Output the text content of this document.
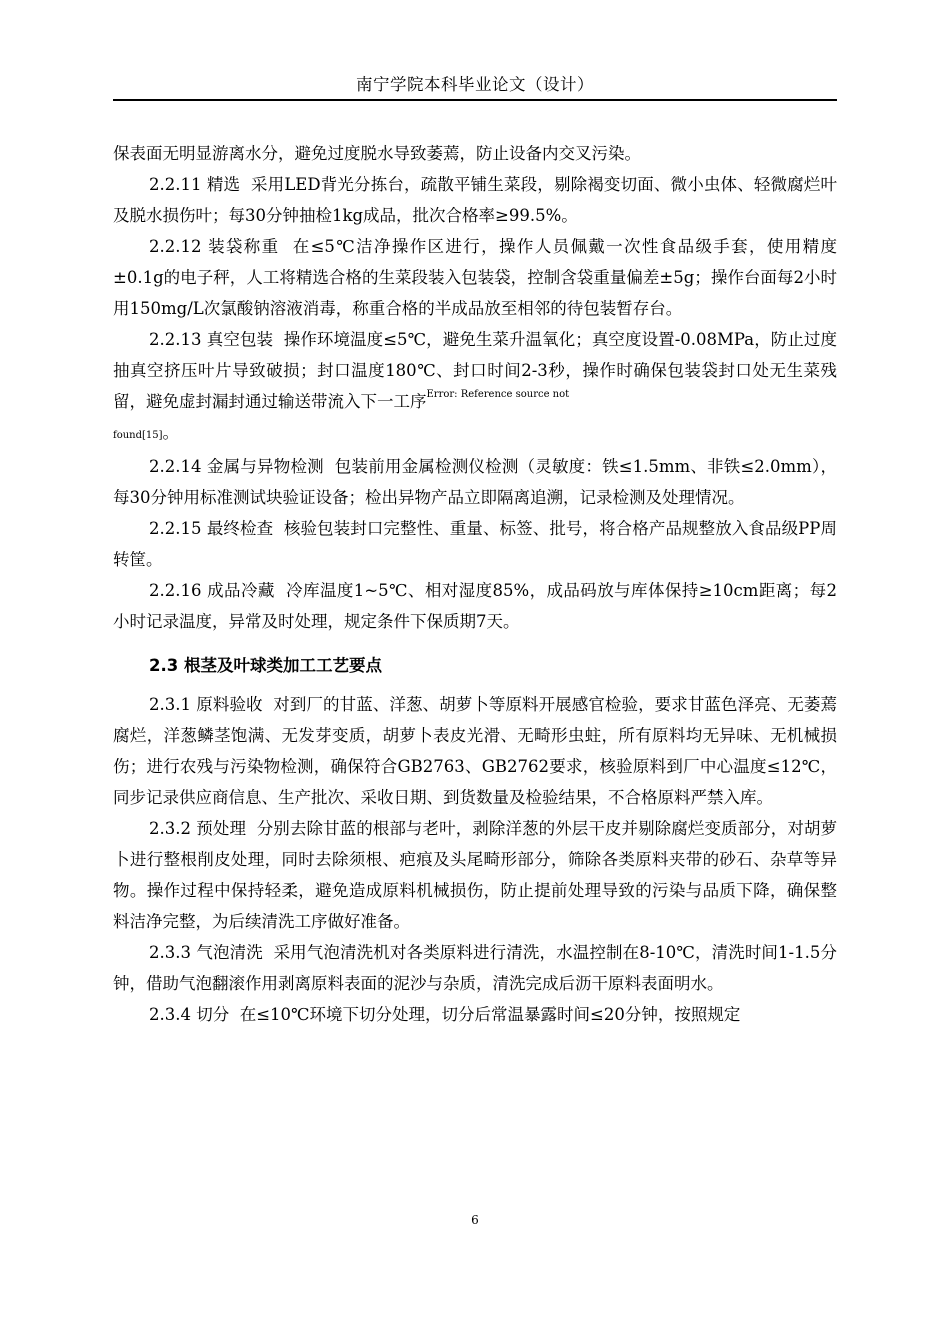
南宁学院本科毕业论文（设计）

保表面无明显游离水分，避免过度脱水导致萎蔫，防止设备内交叉污染。

2.2.11 精选 采用LED背光分拣台，疏散平铺生菜段，剔除褐变切面、微小虫体、轻微腐烂叶及脱水损伤叶；每30分钟抽检1kg成品，批次合格率≥99.5%。

2.2.12 装袋称重 在≤5℃洁净操作区进行，操作人员佩戴一次性食品级手套，使用精度±0.1g的电子秤，人工将精选合格的生菜段装入包装袋，控制含袋重量偏差±5g；操作台面每2小时用150mg/L次氯酸钠溶液消毒，称重合格的半成品放至相邻的待包装暂存台。

2.2.13 真空包装 操作环境温度≤5℃，避免生菜升温氧化；真空度设置-0.08MPa，防止过度抽真空挤压叶片导致破损；封口温度180℃、封口时间2-3秒，操作时确保包装袋封口处无生菜残留，避免虚封漏封通过输送带流入下一工序$^{Error: Reference source not}$
found[15]。

2.2.14 金属与异物检测 包装前用金属检测仪检测（灵敏度：铁≤1.5mm、非铁≤2.0mm），每30分钟用标准测试块验证设备；检出异物产品立即隔离追溯，记录检测及处理情况。

2.2.15 最终检查 核验包装封口完整性、重量、标签、批号，将合格产品规整放入食品级PP周转筐。

2.2.16 成品冷藏 冷库温度1~5℃、相对湿度85%，成品码放与库体保持≥10cm距离；每2小时记录温度，异常及时处理，规定条件下保质期7天。

2.3 根茎及叶球类加工工艺要点

2.3.1 原料验收 对到厂的甘蓝、洋葱、胡萝卜等原料开展感官检验，要求甘蓝色泽亮、无萎蔫腐烂，洋葱鳞茎饱满、无发芽变质，胡萝卜表皮光滑、无畸形虫蛀，所有原料均无异味、无机械损伤；进行农残与污染物检测，确保符合GB2763、GB2762要求，核验原料到厂中心温度≤12℃，同步记录供应商信息、生产批次、采收日期、到货数量及检验结果，不合格原料严禁入库。

2.3.2 预处理 分别去除甘蓝的根部与老叶，剥除洋葱的外层干皮并剔除腐烂变质部分，对胡萝卜进行整根削皮处理，同时去除须根、疤痕及头尾畸形部分，筛除各类原料夹带的砂石、杂草等异物。操作过程中保持轻柔，避免造成原料机械损伤，防止提前处理导致的污染与品质下降，确保整料洁净完整，为后续清洗工序做好准备。

2.3.3 气泡清洗 采用气泡清洗机对各类原料进行清洗，水温控制在8-10℃，清洗时间1-1.5分钟，借助气泡翻滚作用剥离原料表面的泥沙与杂质，清洗完成后沥干原料表面明水。

2.3.4 切分 在≤10℃环境下切分处理，切分后常温暴露时间≤20分钟，按照规定

6
